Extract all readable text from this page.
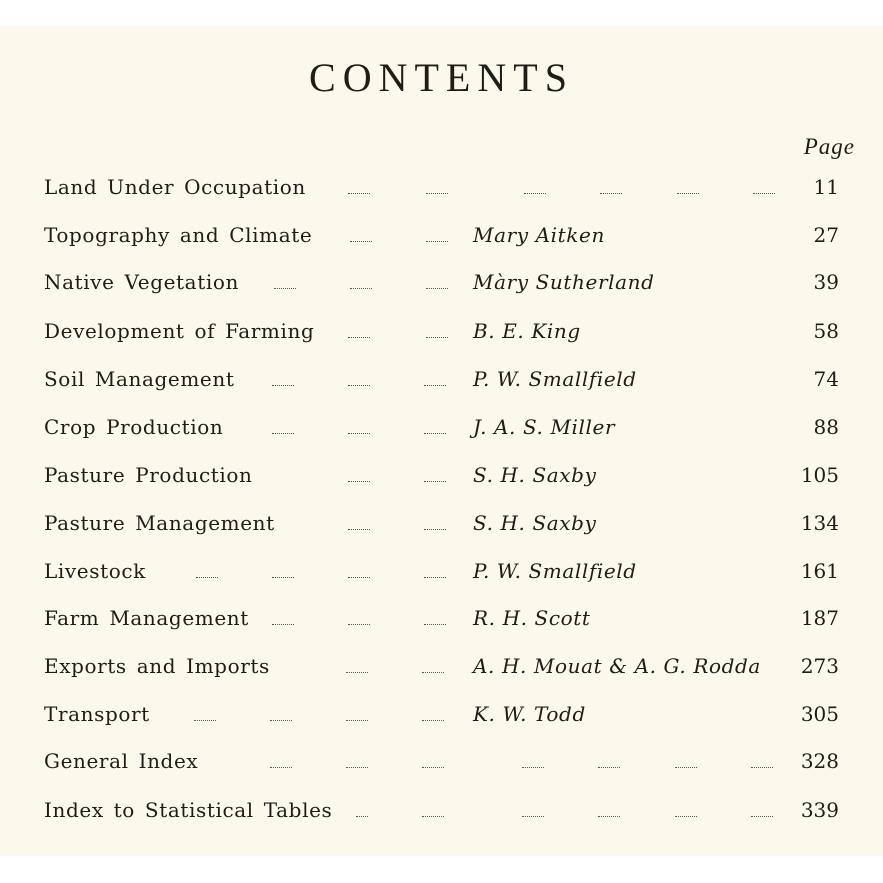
CONTENTS
Page
Land Under Occupation	11
Topography and Climate	Mary Aitken	27
Native Vegetation	Màry Sutherland	39
Development of Farming	B. E. King	58
Soil Management	P. W. Smallfield	74
Crop Production	J. A. S. Miller	88
Pasture Production	S. H. Saxby	105
Pasture Management	S. H. Saxby	134
Livestock	P. W. Smallfield	161
Farm Management	R. H. Scott	187
Exports and Imports	A. H. Mouat & A. G. Rodda 273
Transport	K. W. Todd	305
General Index	328
Index to Statistical Tables	339
